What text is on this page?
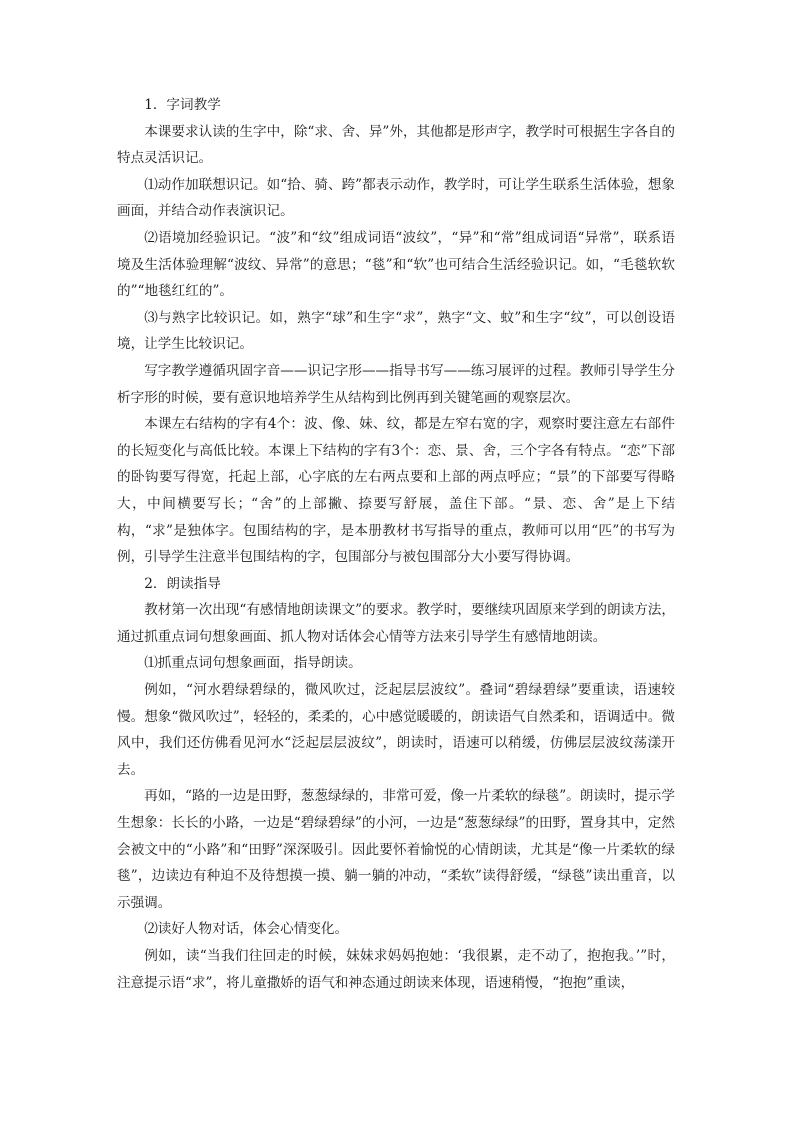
1．字词教学

本课要求认读的生字中，除“求、舍、异”外，其他都是形声字，教学时可根据生字各自的特点灵活识记。

⑴动作加联想识记。如“拾、骑、跨”都表示动作，教学时，可让学生联系生活体验，想象画面，并结合动作表演识记。

⑵语境加经验识记。“波”和“纹”组成词语“波纹”，“异”和“常”组成词语“异常”，联系语境及生活体验理解“波纹、异常”的意思；“毯”和“软”也可结合生活经验识记。如，“毛毯软软的”“地毯红红的”。

⑶与熟字比较识记。如，熟字“球”和生字“求”，熟字“文、蚊”和生字“纹”，可以创设语境，让学生比较识记。

写字教学遵循巩固字音——识记字形——指导书写——练习展评的过程。教师引导学生分析字形的时候，要有意识地培养学生从结构到比例再到关键笔画的观察层次。

本课左右结构的字有4个：波、像、妹、纹，都是左窄右宽的字，观察时要注意左右部件的长短变化与高低比较。本课上下结构的字有3个：恋、景、舍，三个字各有特点。“恋”下部的卧钩要写得宽，托起上部，心字底的左右两点要和上部的两点呼应；“景”的下部要写得略大，中间横要写长；“舍”的上部撇、捺要写舒展，盖住下部。“景、恋、舍”是上下结构，“求”是独体字。包围结构的字，是本册教材书写指导的重点，教师可以用“匹”的书写为例，引导学生注意半包围结构的字，包围部分与被包围部分大小要写得协调。

2．朗读指导

教材第一次出现“有感情地朗读课文”的要求。教学时，要继续巩固原来学到的朗读方法，通过抓重点词句想象画面、抓人物对话体会心情等方法来引导学生有感情地朗读。

⑴抓重点词句想象画面，指导朗读。

例如，“河水碧绿碧绿的，微风吹过，泛起层层波纹”。叠词“碧绿碧绿”要重读，语速较慢。想象“微风吹过”，轻轻的，柔柔的，心中感觉暖暖的，朗读语气自然柔和，语调适中。微风中，我们还仿佛看见河水“泛起层层波纹”，朗读时，语速可以稍缓，仿佛层层波纹荡漾开去。

再如，“路的一边是田野，葱葱绿绿的，非常可爱，像一片柔软的绿毯”。朗读时，提示学生想象：长长的小路，一边是“碧绿碧绿”的小河，一边是“葱葱绿绿”的田野，置身其中，定然会被文中的“小路”和“田野”深深吸引。因此要怀着愉悦的心情朗读，尤其是“像一片柔软的绿毯”，边读边有种迫不及待想摸一摸、躺一躺的冲动，“柔软”读得舒缓，“绿毯”读出重音，以示强调。

⑵读好人物对话，体会心情变化。

例如，读“当我们往回走的时候，妹妹求妈妈抱她：‘我很累，走不动了，抱抱我。’”时，注意提示语“求”，将儿童撒娇的语气和神态通过朗读来体现，语速稍慢，“抱抱”重读，
